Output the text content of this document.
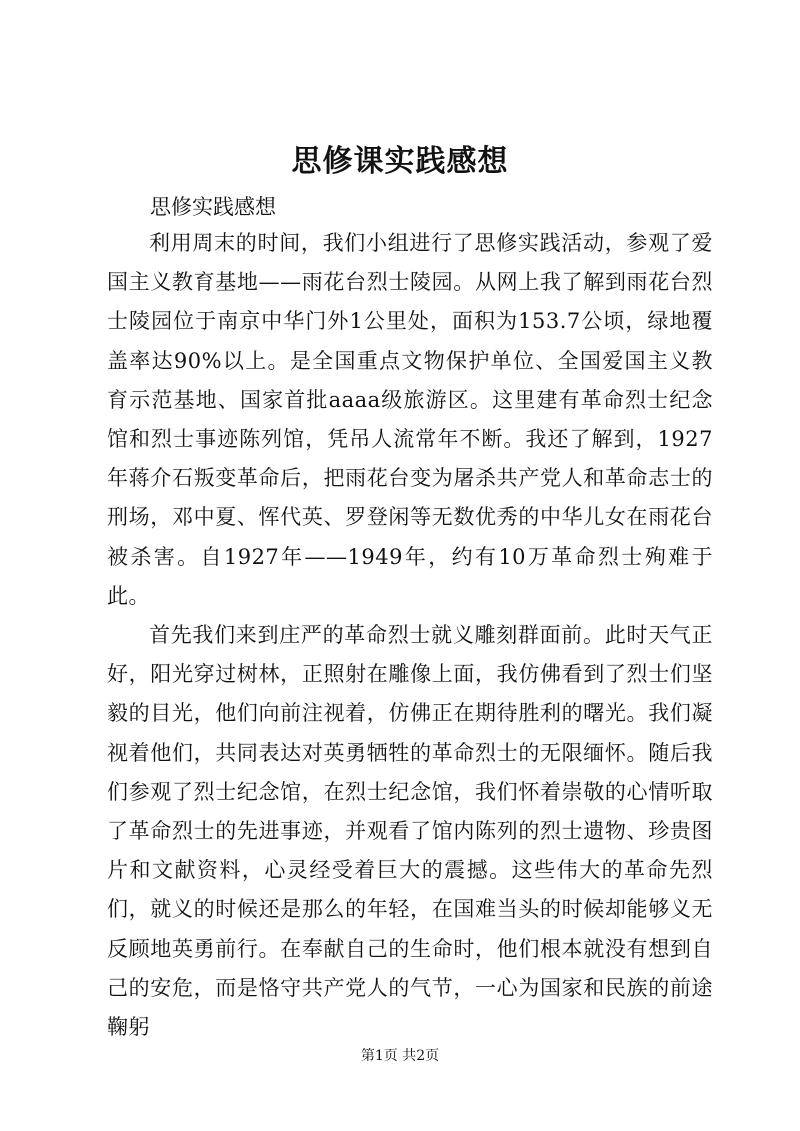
思修课实践感想
思修实践感想

利用周末的时间，我们小组进行了思修实践活动，参观了爱国主义教育基地——雨花台烈士陵园。从网上我了解到雨花台烈士陵园位于南京中华门外1公里处，面积为153.7公顷，绿地覆盖率达90%以上。是全国重点文物保护单位、全国爱国主义教育示范基地、国家首批aaaa级旅游区。这里建有革命烈士纪念馆和烈士事迹陈列馆，凭吊人流常年不断。我还了解到，1927年蒋介石叛变革命后，把雨花台变为屠杀共产党人和革命志士的刑场，邓中夏、恽代英、罗登闲等无数优秀的中华儿女在雨花台被杀害。自1927年——1949年，约有10万革命烈士殉难于此。

首先我们来到庄严的革命烈士就义雕刻群面前。此时天气正好，阳光穿过树林，正照射在雕像上面，我仿佛看到了烈士们坚毅的目光，他们向前注视着，仿佛正在期待胜利的曙光。我们凝视着他们，共同表达对英勇牺牲的革命烈士的无限缅怀。随后我们参观了烈士纪念馆，在烈士纪念馆，我们怀着崇敬的心情听取了革命烈士的先进事迹，并观看了馆内陈列的烈士遗物、珍贵图片和文献资料，心灵经受着巨大的震撼。这些伟大的革命先烈们，就义的时候还是那么的年轻，在国难当头的时候却能够义无反顾地英勇前行。在奉献自己的生命时，他们根本就没有想到自己的安危，而是恪守共产党人的气节，一心为国家和民族的前途鞠躬

第1页 共2页
